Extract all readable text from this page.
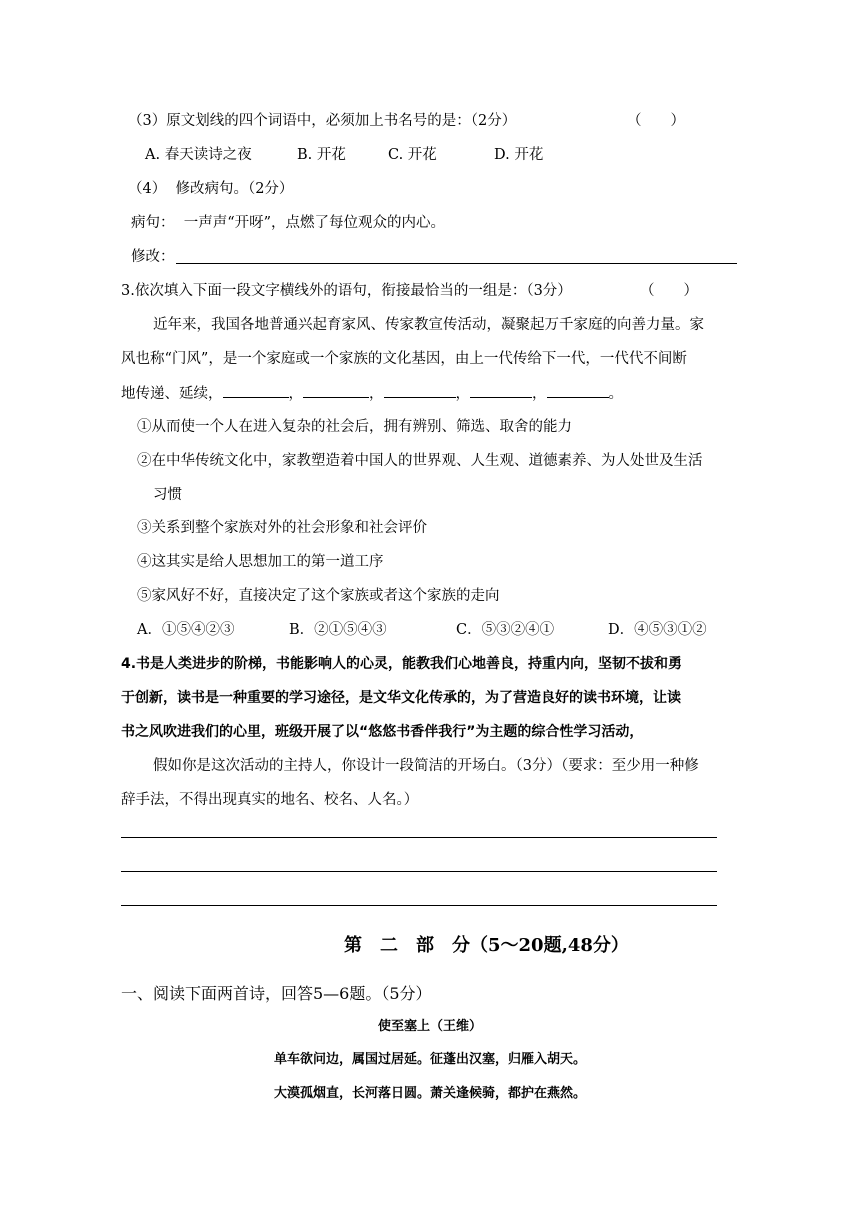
（3）原文划线的四个词语中，必须加上书名号的是：（2分）	（　　）
A. 春天读诗之夜	B. 开花	C. 开花	D. 开花
（4）  修改病句。（2分）
病句：  一声声“开呀”，点燃了每位观众的内心。
修改：
3.依次填入下面一段文字横线外的语句，衔接最恰当的一组是：（3分）	（　　）
近年来，我国各地普通兴起育家风、传家教宣传活动，凝聚起万千家庭的向善力量。家
风也称“门风”，是一个家庭或一个家族的文化基因，由上一代传给下一代，一代代不间断
地传递、延续，	，	，	，	，	。
①从而使一个人在进入复杂的社会后，拥有辨别、筛选、取舍的能力
②在中华传统文化中，家教塑造着中国人的世界观、人生观、道德素养、为人处世及生活
习惯
③关系到整个家族对外的社会形象和社会评价
④这其实是给人思想加工的第一道工序
⑤家风好不好，直接决定了这个家族或者这个家族的走向
A．①⑤④②③	B．②①⑤④③	C．⑤③②④①	D．④⑤③①②
4.书是人类进步的阶梯，书能影响人的心灵，能教我们心地善良，持重内向，坚韧不拔和勇
于创新，读书是一种重要的学习途径，是文华文化传承的，为了营造良好的读书环境，让读
书之风吹进我们的心里，班级开展了以“悠悠书香伴我行”为主题的综合性学习活动，
假如你是这次活动的主持人，你设计一段简洁的开场白。（3分）（要求：至少用一种修
辞手法，不得出现真实的地名、校名、人名。）
第　二　部　分（5～20题,48分）
一、阅读下面两首诗，回答5—6题。（5分）
使至塞上（王维）
单车欲问边，属国过居延。征蓬出汉塞，归雁入胡天。
大漠孤烟直，长河落日圆。萧关逢候骑，都护在燕然。
